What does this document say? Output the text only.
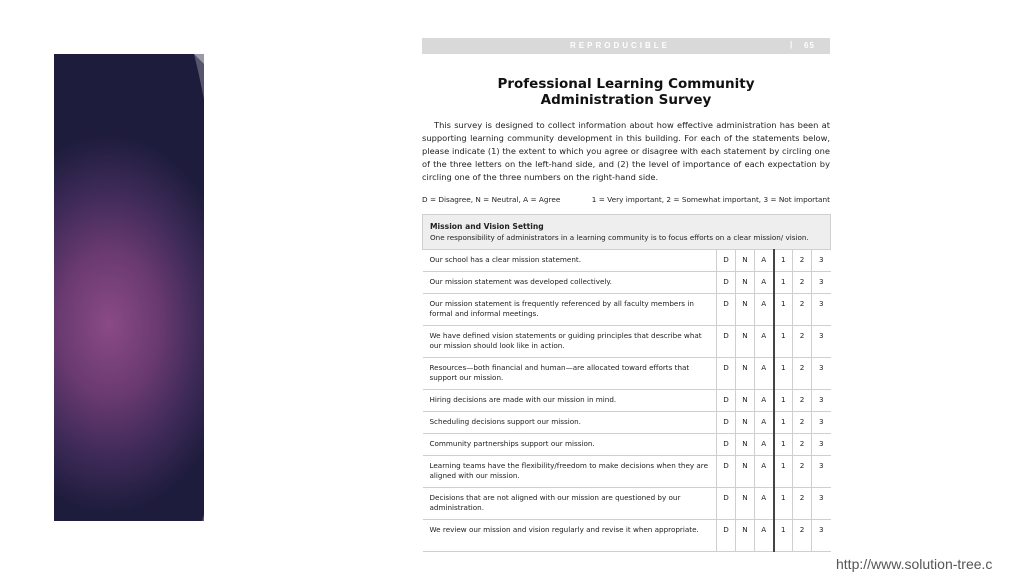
REPRODUCIBLE	| 65
Professional Learning Community
Administration Survey

This survey is designed to collect information about how effective administration has been at supporting learning community development in this building. For each of the statements below, please indicate (1) the extent to which you agree or disagree with each statement by circling one of the three letters on the left-hand side, and (2) the level of importance of each expectation by circling one of the three numbers on the right-hand side.

D = Disagree, N = Neutral, A = Agree	1 = Very important, 2 = Somewhat important, 3 = Not important
Mission and Vision Setting
One responsibility of administrators in a learning community is to focus efforts on a clear mission/ vision.						

Our school has a clear mission statement.	D	N	A	1	2	3
Our mission statement was developed collectively.	D	N	A	1	2	3
Our mission statement is frequently referenced by all faculty members in formal and informal meetings.	D	N	A	1	2	3
We have defined vision statements or guiding principles that describe what our mission should look like in action.	D	N	A	1	2	3
Resources—both financial and human—are allocated toward efforts that support our mission.	D	N	A	1	2	3
Hiring decisions are made with our mission in mind.	D	N	A	1	2	3
Scheduling decisions support our mission.	D	N	A	1	2	3
Community partnerships support our mission.	D	N	A	1	2	3
Learning teams have the flexibility/freedom to make decisions when they are aligned with our mission.	D	N	A	1	2	3
Decisions that are not aligned with our mission are questioned by our administration.	D	N	A	1	2	3
We review our mission and vision regularly and revise it when appropriate.	D	N	A	1	2	3
http://www.solution-tree.c
